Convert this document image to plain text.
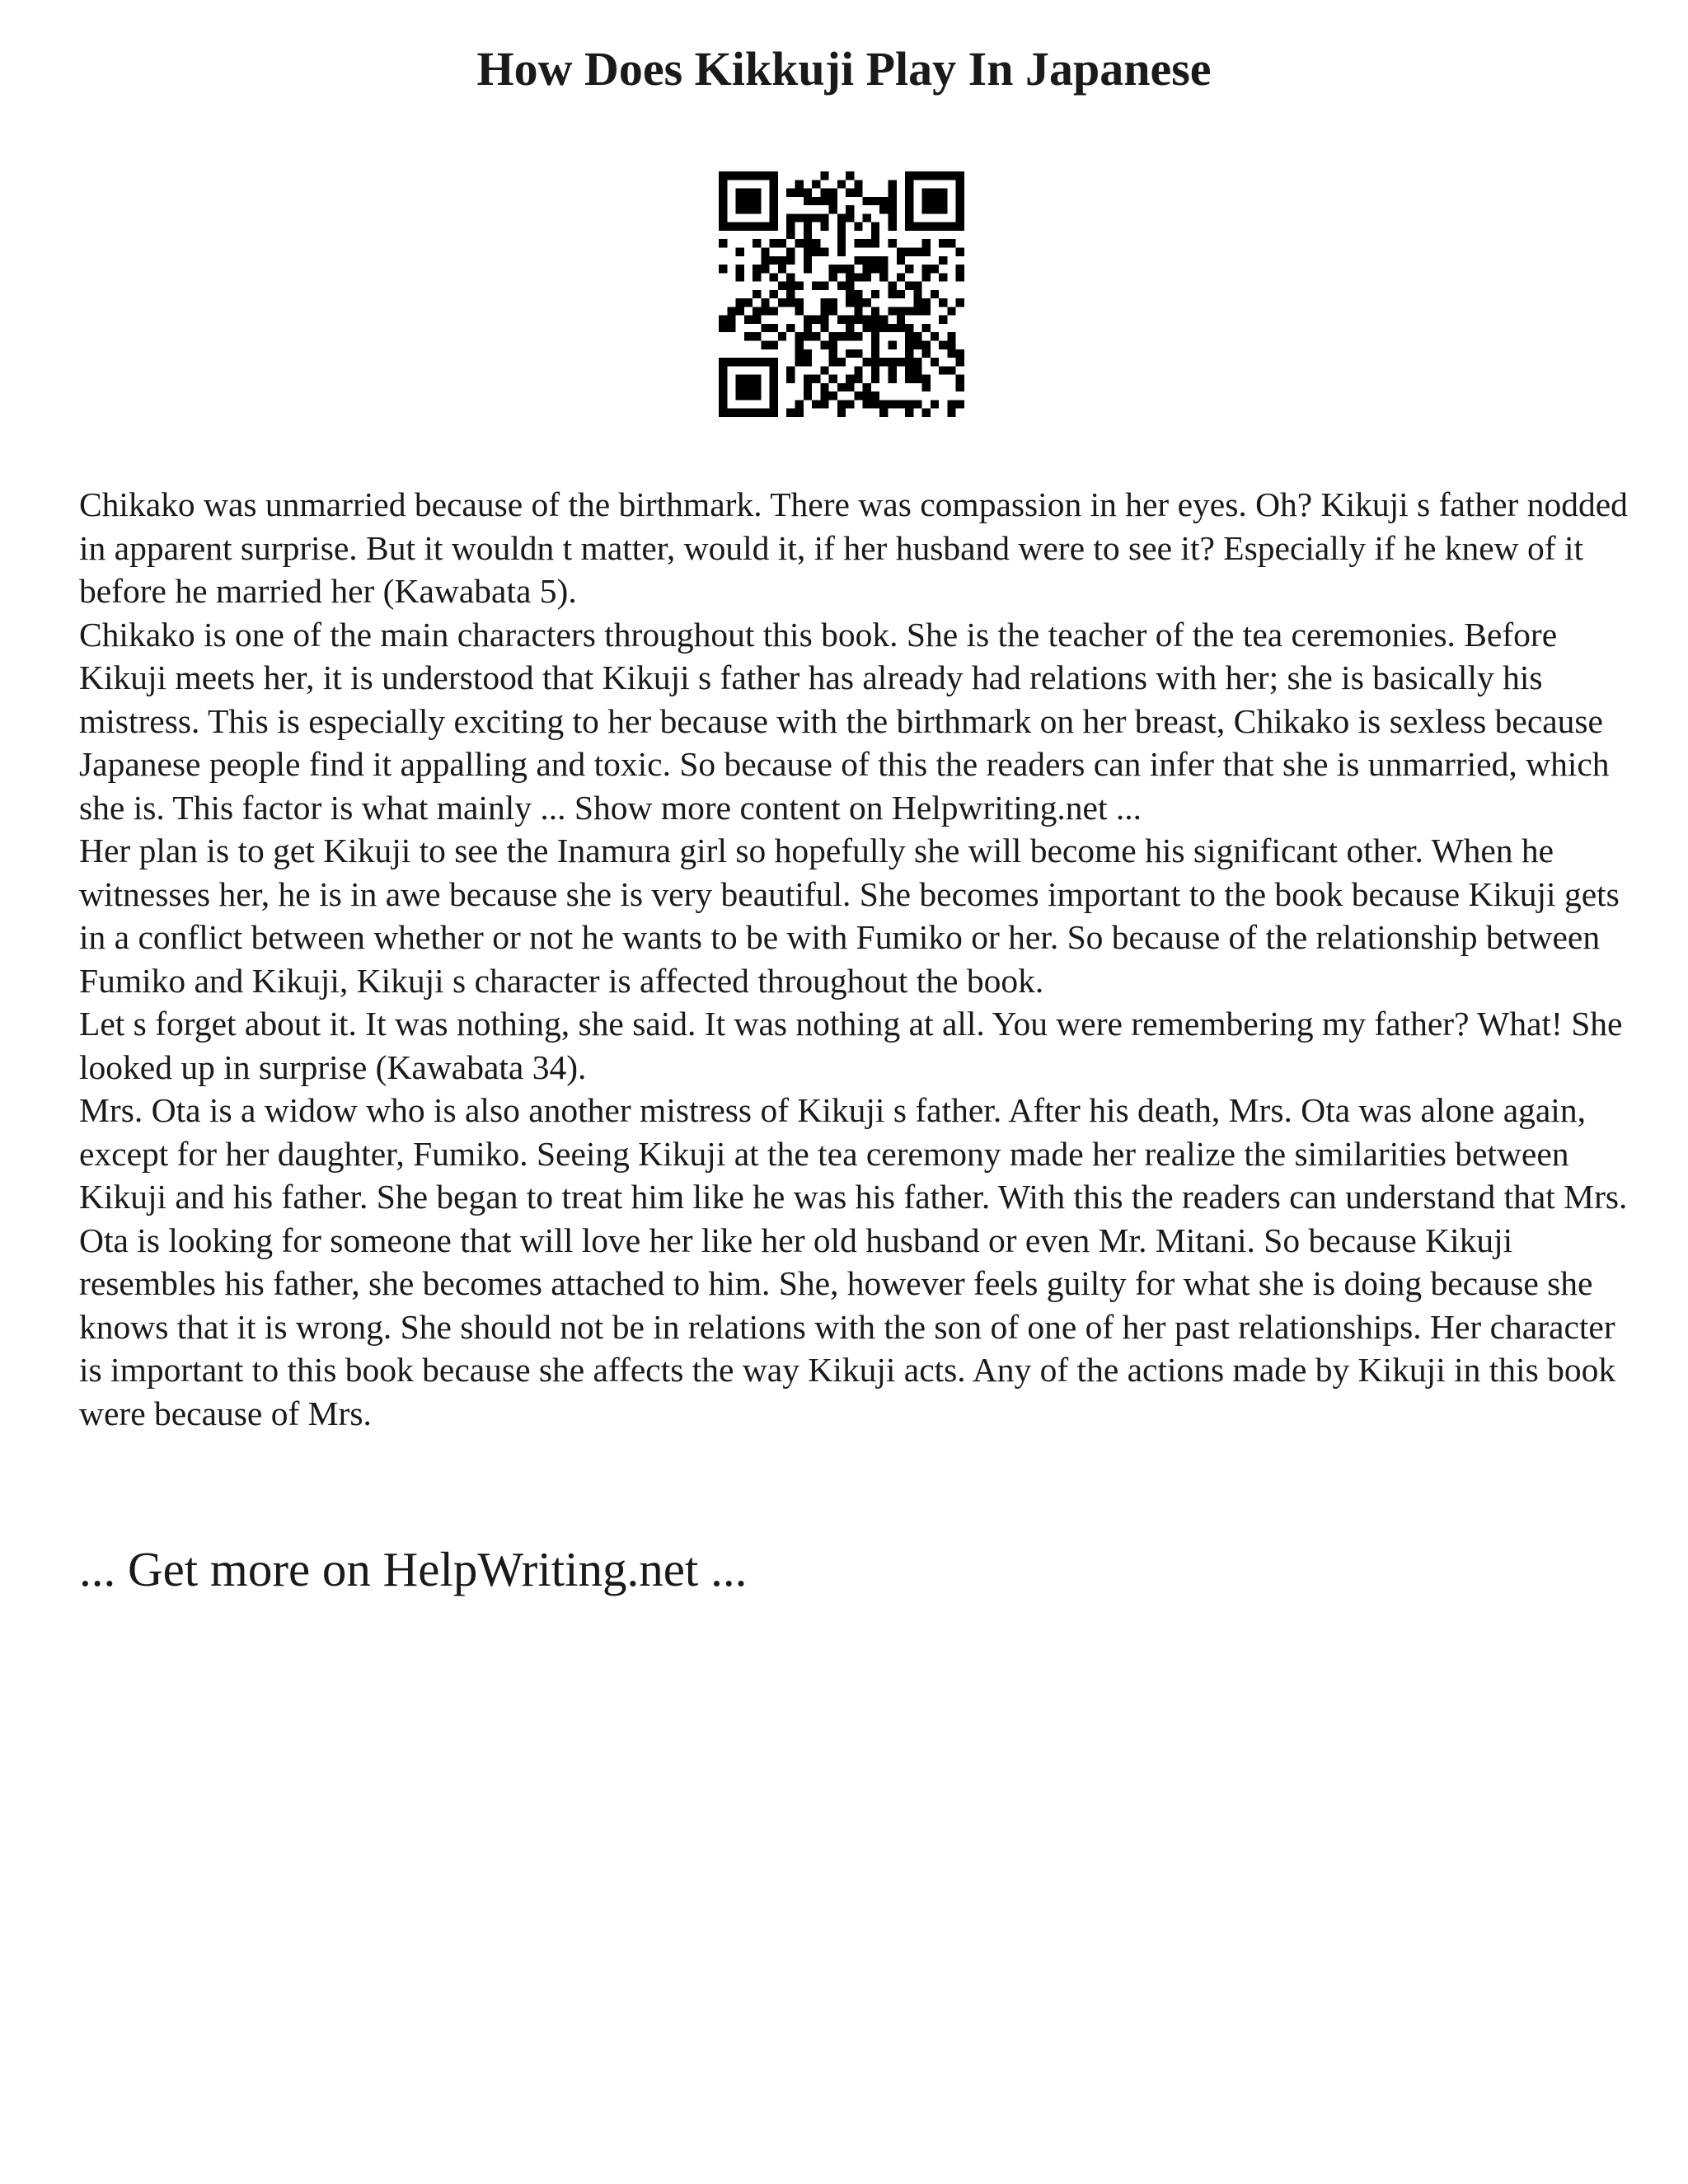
How Does Kikkuji Play In Japanese

Chikako was unmarried because of the birthmark. There was compassion in her eyes. Oh? Kikuji s father nodded in apparent surprise. But it wouldn t matter, would it, if her husband were to see it? Especially if he knew of it before he married her (Kawabata 5).

Chikako is one of the main characters throughout this book. She is the teacher of the tea ceremonies. Before Kikuji meets her, it is understood that Kikuji s father has already had relations with her; she is basically his mistress. This is especially exciting to her because with the birthmark on her breast, Chikako is sexless because Japanese people find it appalling and toxic. So because of this the readers can infer that she is unmarried, which she is. This factor is what mainly ... Show more content on Helpwriting.net ...

Her plan is to get Kikuji to see the Inamura girl so hopefully she will become his significant other. When he witnesses her, he is in awe because she is very beautiful. She becomes important to the book because Kikuji gets in a conflict between whether or not he wants to be with Fumiko or her. So because of the relationship between Fumiko and Kikuji, Kikuji s character is affected throughout the book.

Let s forget about it. It was nothing, she said. It was nothing at all. You were remembering my father? What! She looked up in surprise (Kawabata 34).

Mrs. Ota is a widow who is also another mistress of Kikuji s father. After his death, Mrs. Ota was alone again, except for her daughter, Fumiko. Seeing Kikuji at the tea ceremony made her realize the similarities between Kikuji and his father. She began to treat him like he was his father. With this the readers can understand that Mrs. Ota is looking for someone that will love her like her old husband or even Mr. Mitani. So because Kikuji resembles his father, she becomes attached to him. She, however feels guilty for what she is doing because she knows that it is wrong. She should not be in relations with the son of one of her past relationships. Her character is important to this book because she affects the way Kikuji acts. Any of the actions made by Kikuji in this book were because of Mrs.

... Get more on HelpWriting.net ...
